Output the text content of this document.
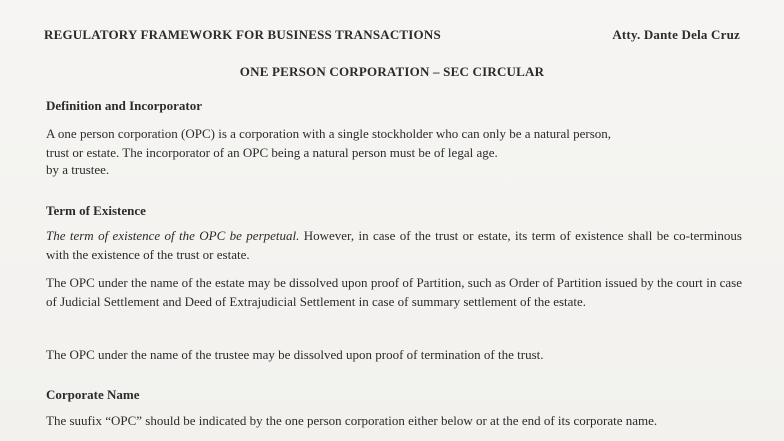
REGULATORY FRAMEWORK FOR BUSINESS TRANSACTIONS	Atty. Dante Dela Cruz
ONE PERSON CORPORATION – SEC CIRCULAR
Definition and Incorporator
A one person corporation (OPC) is a corporation with a single stockholder who can only be a natural person,
trust or estate. The incorporator of an OPC being a natural person must be of legal age.
by a trustee.
Term of Existence
The term of existence of the OPC be perpetual. However, in case of the trust or estate, its term of existence shall be co-terminous with the existence of the trust or estate.
The OPC under the name of the estate may be dissolved upon proof of Partition, such as Order of Partition issued by the court in case of Judicial Settlement and Deed of Extrajudicial Settlement in case of summary settlement of the estate.
The OPC under the name of the trustee may be dissolved upon proof of termination of the trust.
Corporate Name
The suufix “OPC” should be indicated by the one person corporation either below or at the end of its corporate name.
